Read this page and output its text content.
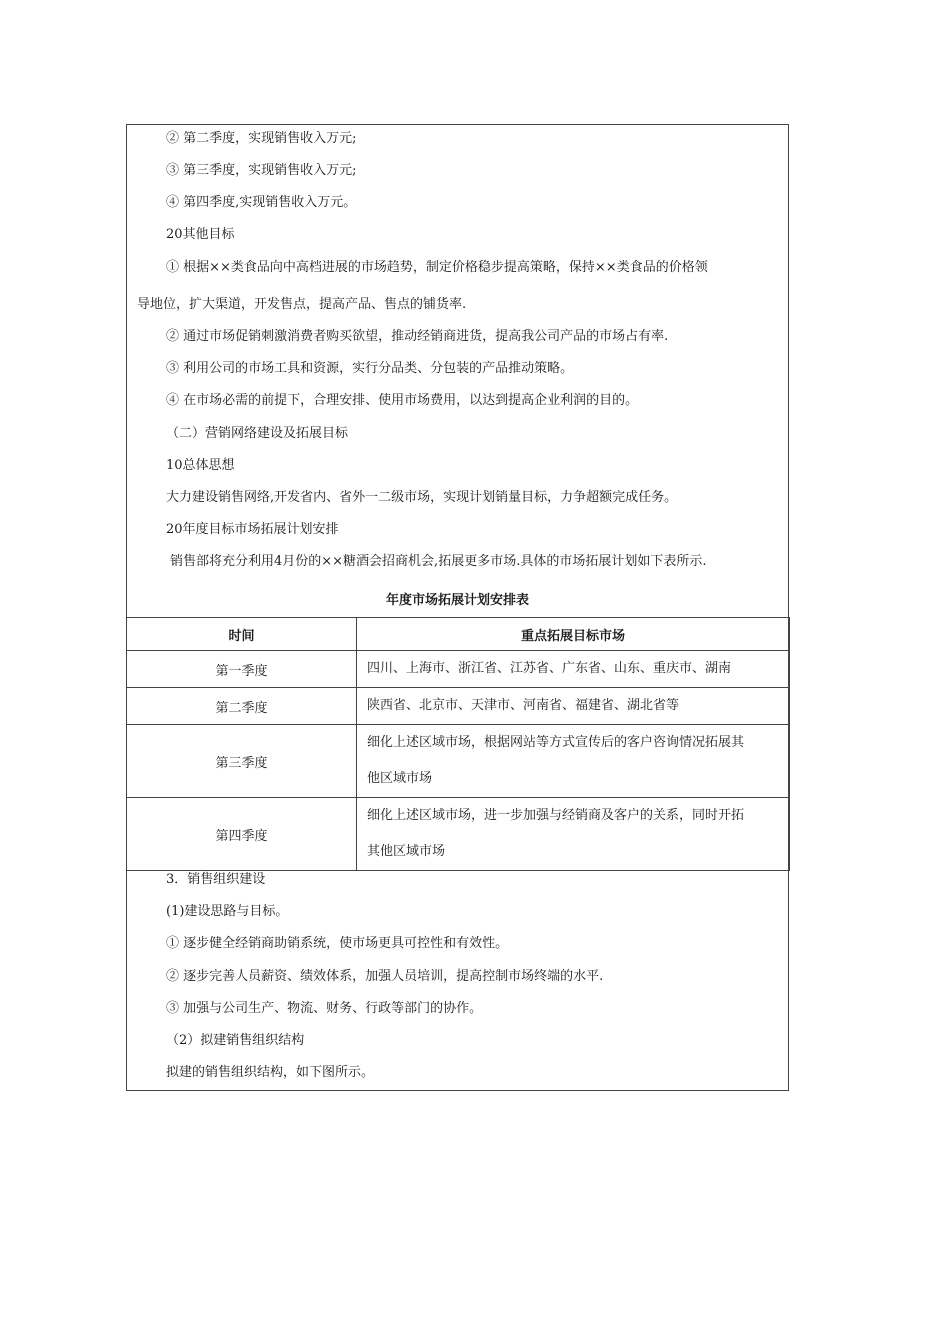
② 第二季度，实现销售收入万元;
③ 第三季度，实现销售收入万元;
④ 第四季度,实现销售收入万元。
20其他目标
① 根据××类食品向中高档进展的市场趋势，制定价格稳步提高策略，保持××类食品的价格领
导地位，扩大渠道，开发售点，提高产品、售点的铺货率.
② 通过市场促销刺激消费者购买欲望，推动经销商进货，提高我公司产品的市场占有率.
③ 利用公司的市场工具和资源，实行分品类、分包装的产品推动策略。
④ 在市场必需的前提下，合理安排、使用市场费用，以达到提高企业利润的目的。
（二）营销网络建设及拓展目标
10总体思想
大力建设销售网络,开发省内、省外一二级市场，实现计划销量目标，力争超额完成任务。
20年度目标市场拓展计划安排
销售部将充分利用4月份的××糖酒会招商机会,拓展更多市场.具体的市场拓展计划如下表所示.
年度市场拓展计划安排表
时间	重点拓展目标市场
第一季度	四川、上海市、浙江省、江苏省、广东省、山东、重庆市、湖南

第二季度	陕西省、北京市、天津市、河南省、福建省、湖北省等

第三季度	细化上述区域市场，根据网站等方式宣传后的客户咨询情况拓展其
他区域市场

第四季度	细化上述区域市场，进一步加强与经销商及客户的关系，同时开拓
其他区域市场
3．销售组织建设
(1)建设思路与目标。
① 逐步健全经销商助销系统，使市场更具可控性和有效性。
② 逐步完善人员薪资、绩效体系，加强人员培训，提高控制市场终端的水平.
③ 加强与公司生产、物流、财务、行政等部门的协作。
（2）拟建销售组织结构
拟建的销售组织结构，如下图所示。
